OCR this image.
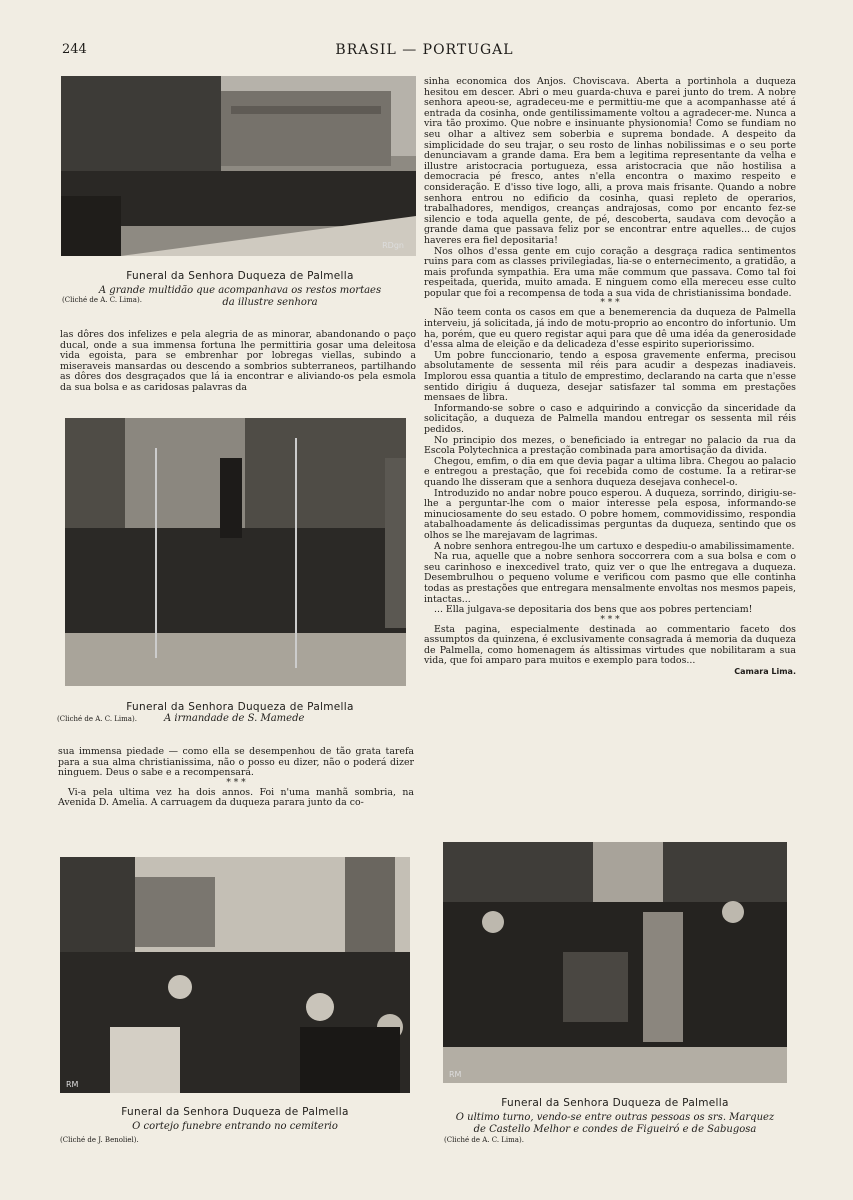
244	BRASIL — PORTUGAL
RDgn

Funeral da Senhora Duqueza de Palmella

A grande multidão que acompanhava os restos mortaes

da illustre senhora

(Cliché de A. C. Lima).

las dôres dos infelizes e pela alegria de as minorar, abandonando o paço ducal, onde a sua immensa fortuna lhe permittiria gosar uma deleitosa vida egoista, para se embrenhar por lobregas viellas, subindo a miseraveis mansardas ou descendo a sombrios subterraneos, partilhando as dôres dos desgraçados que lá ia encontrar e aliviando-os pela esmola da sua bolsa e as caridosas palavras da

Funeral da Senhora Duqueza de Palmella

(Cliché de A. C. Lima).	A irmandade de S. Mamede

sua immensa piedade — como ella se desempenhou de tão grata tarefa para a sua alma christianissima, não o posso eu dizer, não o poderá dizer ninguem. Deus o sabe e a recompensará.

* * *

Vi-a pela ultima vez ha dois annos. Foi n'uma manhã sombria, na Avenida D. Amelia. A carruagem da duqueza parara junto da co-

RM

Funeral da Senhora Duqueza de Palmella

O cortejo funebre entrando no cemiterio

(Cliché de J. Benoliel).

sinha economica dos Anjos. Choviscava. Aberta a portinhola a duqueza hesitou em descer. Abri o meu guarda-chuva e parei junto do trem. A nobre senhora apeou-se, agradeceu-me e permittiu-me que a acompanhasse até á entrada da cosinha, onde gentilissimamente voltou a agradecer-me. Nunca a vira tão proximo. Que nobre e insinuante physionomia! Como se fundiam no seu olhar a altivez sem soberbia e suprema bondade. A despeito da simplicidade do seu trajar, o seu rosto de linhas nobilissimas e o seu porte denunciavam a grande dama. Era bem a legitima representante da velha e illustre aristocracia portugueza, essa aristocracia que não hostilisa a democracia pé fresco, antes n'ella encontra o maximo respeito e consideração. E d'isso tive logo, alli, a prova mais frisante. Quando a nobre senhora entrou no edificio da cosinha, quasi repleto de operarios, trabalhadores, mendigos, creanças andrajosas, como por encanto fez-se silencio e toda aquella gente, de pé, descoberta, saudava com devoção a grande dama que passava feliz por se encontrar entre aquelles... de cujos haveres era fiel depositaria!

Nos olhos d'essa gente em cujo coração a desgraça radica sentimentos ruins para com as classes privilegiadas, lia-se o enternecimento, a gratidão, a mais profunda sympathia. Era uma mãe commum que passava. Como tal foi respeitada, querida, muito amada. E ninguem como ella mereceu esse culto popular que foi a recompensa de toda a sua vida de christianissima bondade.

* * *

Não teem conta os casos em que a benemerencia da duqueza de Palmella interveiu, já solicitada, já indo de motu-proprio ao encontro do infortunio. Um ha, porém, que eu quero registar aqui para que dê uma idéa da generosidade d'essa alma de eleição e da delicadeza d'esse espirito superiorissimo.

Um pobre funccionario, tendo a esposa gravemente enferma, precisou absolutamente de sessenta mil réis para acudir a despezas inadiaveis. Implorou essa quantia a titulo de emprestimo, declarando na carta que n'esse sentido dirigiu á duqueza, desejar satisfazer tal somma em prestações mensaes de libra.

Informando-se sobre o caso e adquirindo a convicção da sinceridade da solicitação, a duqueza de Palmella mandou entregar os sessenta mil réis pedidos.

No principio dos mezes, o beneficiado ia entregar no palacio da rua da Escola Polytechnica a prestação combinada para amortisação da divida.

Chegou, emfim, o dia em que devia pagar a ultima libra. Chegou ao palacio e entregou a prestação, que foi recebida como de costume. Ia a retirar-se quando lhe disseram que a senhora duqueza desejava conhecel-o.

Introduzido no andar nobre pouco esperou. A duqueza, sorrindo, dirigiu-se-lhe a perguntar-lhe com o maior interesse pela esposa, informando-se minuciosamente do seu estado. O pobre homem, commovidissimo, respondia atabalhoadamente ás delicadissimas perguntas da duqueza, sentindo que os olhos se lhe marejavam de lagrimas.

A nobre senhora entregou-lhe um cartuxo e despediu-o amabilissimamente.

Na rua, aquelle que a nobre senhora soccorrera com a sua bolsa e com o seu carinhoso e inexcedivel trato, quiz ver o que lhe entregava a duqueza. Desembrulhou o pequeno volume e verificou com pasmo que elle continha todas as prestações que entregara mensalmente envoltas nos mesmos papeis, intactas...

... Ella julgava-se depositaria dos bens que aos pobres pertenciam!

* * *

Esta pagina, especialmente destinada ao commentario faceto dos assumptos da quinzena, é exclusivamente consagrada á memoria da duqueza de Palmella, como homenagem ás altissimas virtudes que nobilitaram a sua vida, que foi amparo para muitos e exemplo para todos...

Camara Lima.

RM

Funeral da Senhora Duqueza de Palmella

O ultimo turno, vendo-se entre outras pessoas os srs. Marquez

de Castello Melhor e condes de Figueiró e de Sabugosa

(Cliché de A. C. Lima).
